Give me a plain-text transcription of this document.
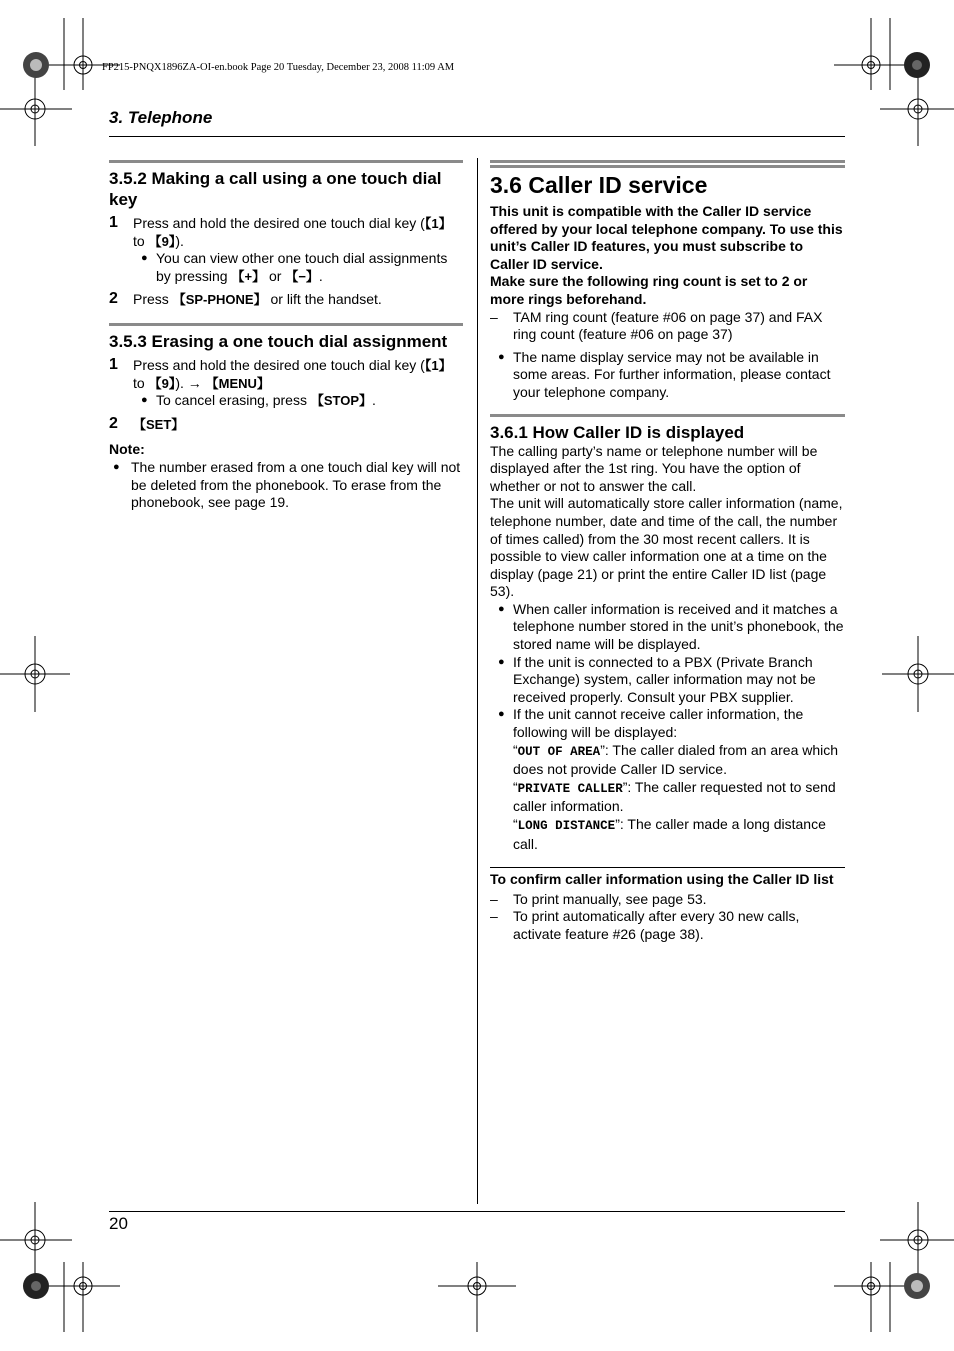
FP215-PNQX1896ZA-OI-en.book Page 20 Tuesday, December 23, 2008 11:09 AM
3. Telephone
3.5.2 Making a call using a one touch dial key
1 Press and hold the desired one touch dial key (【1】 to 【9】).
● You can view other one touch dial assignments by pressing 【+】 or 【−】.
2 Press 【SP-PHONE】 or lift the handset.
3.5.3 Erasing a one touch dial assignment
1 Press and hold the desired one touch dial key (【1】 to 【9】). → 【MENU】
● To cancel erasing, press 【STOP】.
2 【SET】
Note:
● The number erased from a one touch dial key will not be deleted from the phonebook. To erase from the phonebook, see page 19.
3.6 Caller ID service
This unit is compatible with the Caller ID service offered by your local telephone company. To use this unit’s Caller ID features, you must subscribe to Caller ID service.
Make sure the following ring count is set to 2 or more rings beforehand.
– TAM ring count (feature #06 on page 37) and FAX ring count (feature #06 on page 37)
● The name display service may not be available in some areas. For further information, please contact your telephone company.
3.6.1 How Caller ID is displayed
The calling party’s name or telephone number will be displayed after the 1st ring. You have the option of whether or not to answer the call.
The unit will automatically store caller information (name, telephone number, date and time of the call, the number of times called) from the 30 most recent callers. It is possible to view caller information one at a time on the display (page 21) or print the entire Caller ID list (page 53).
● When caller information is received and it matches a telephone number stored in the unit’s phonebook, the stored name will be displayed.
● If the unit is connected to a PBX (Private Branch Exchange) system, caller information may not be received properly. Consult your PBX supplier.
● If the unit cannot receive caller information, the following will be displayed:
“OUT OF AREA”: The caller dialed from an area which does not provide Caller ID service.
“PRIVATE CALLER”: The caller requested not to send caller information.
“LONG DISTANCE”: The caller made a long distance call.
To confirm caller information using the Caller ID list
– To print manually, see page 53.
– To print automatically after every 30 new calls, activate feature #26 (page 38).
20
